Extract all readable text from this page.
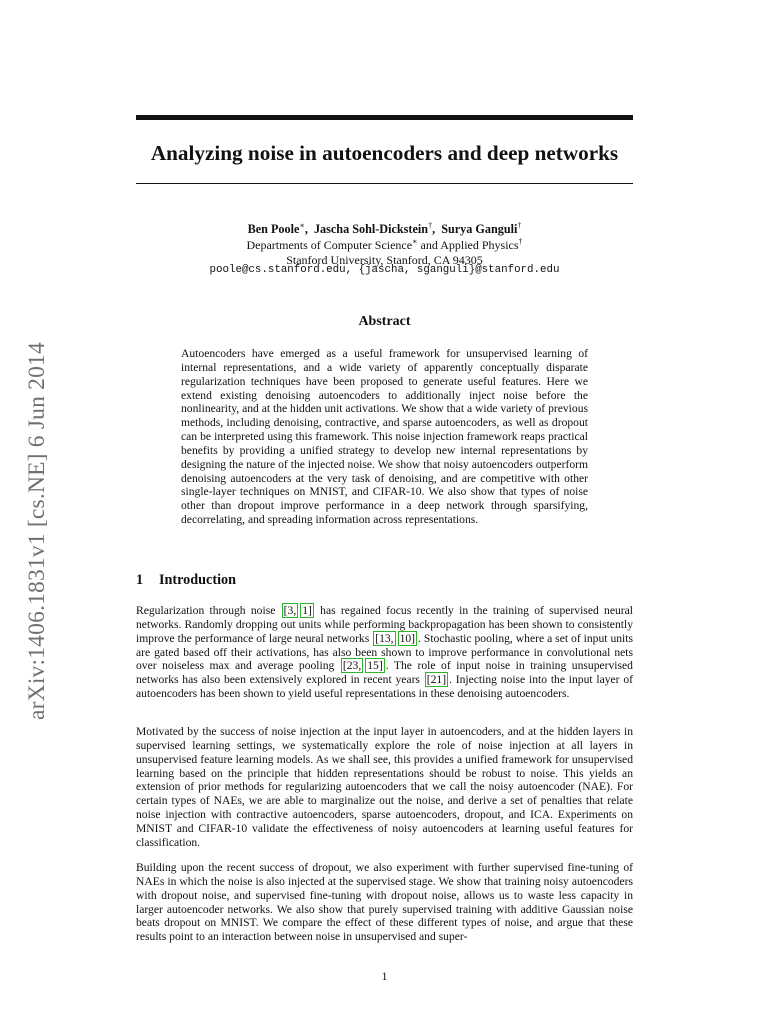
arXiv:1406.1831v1 [cs.NE] 6 Jun 2014
Analyzing noise in autoencoders and deep networks
Ben Poole∗,  Jascha Sohl-Dickstein†,  Surya Ganguli†
Departments of Computer Science∗ and Applied Physics†
Stanford University, Stanford, CA 94305
poole@cs.stanford.edu, {jascha, sganguli}@stanford.edu
Abstract

Autoencoders have emerged as a useful framework for unsupervised learning of internal representations, and a wide variety of apparently conceptually disparate regularization techniques have been proposed to generate useful features. Here we extend existing denoising autoencoders to additionally inject noise before the nonlinearity, and at the hidden unit activations. We show that a wide variety of previous methods, including denoising, contractive, and sparse autoencoders, as well as dropout can be interpreted using this framework. This noise injection framework reaps practical benefits by providing a unified strategy to develop new internal representations by designing the nature of the injected noise. We show that noisy autoencoders outperform denoising autoencoders at the very task of denoising, and are competitive with other single-layer techniques on MNIST, and CIFAR-10. We also show that types of noise other than dropout improve performance in a deep network through sparsifying, decorrelating, and spreading information across representations.

1 Introduction

Regularization through noise [3, 1] has regained focus recently in the training of supervised neural networks. Randomly dropping out units while performing backpropagation has been shown to consistently improve the performance of large neural networks [13, 10] . Stochastic pooling, where a set of input units are gated based off their activations, has also been shown to improve performance in convolutional nets over noiseless max and average pooling [23, 15] . The role of input noise in training unsupervised networks has also been extensively explored in recent years [21] . Injecting noise into the input layer of autoencoders has been shown to yield useful representations in these denoising autoencoders.

Motivated by the success of noise injection at the input layer in autoencoders, and at the hidden layers in supervised learning settings, we systematically explore the role of noise injection at all layers in unsupervised feature learning models. As we shall see, this provides a unified framework for unsupervised learning based on the principle that hidden representations should be robust to noise. This yields an extension of prior methods for regularizing autoencoders that we call the noisy autoencoder (NAE). For certain types of NAEs, we are able to marginalize out the noise, and derive a set of penalties that relate noise injection with contractive autoencoders, sparse autoencoders, dropout, and ICA. Experiments on MNIST and CIFAR-10 validate the effectiveness of noisy autoencoders at learning useful features for classification.

Building upon the recent success of dropout, we also experiment with further supervised fine-tuning of NAEs in which the noise is also injected at the supervised stage. We show that training noisy autoencoders with dropout noise, and supervised fine-tuning with dropout noise, allows us to waste less capacity in larger autoencoder networks. We also show that purely supervised training with additive Gaussian noise beats dropout on MNIST. We compare the effect of these different types of noise, and argue that these results point to an interaction between noise in unsupervised and super-

1
